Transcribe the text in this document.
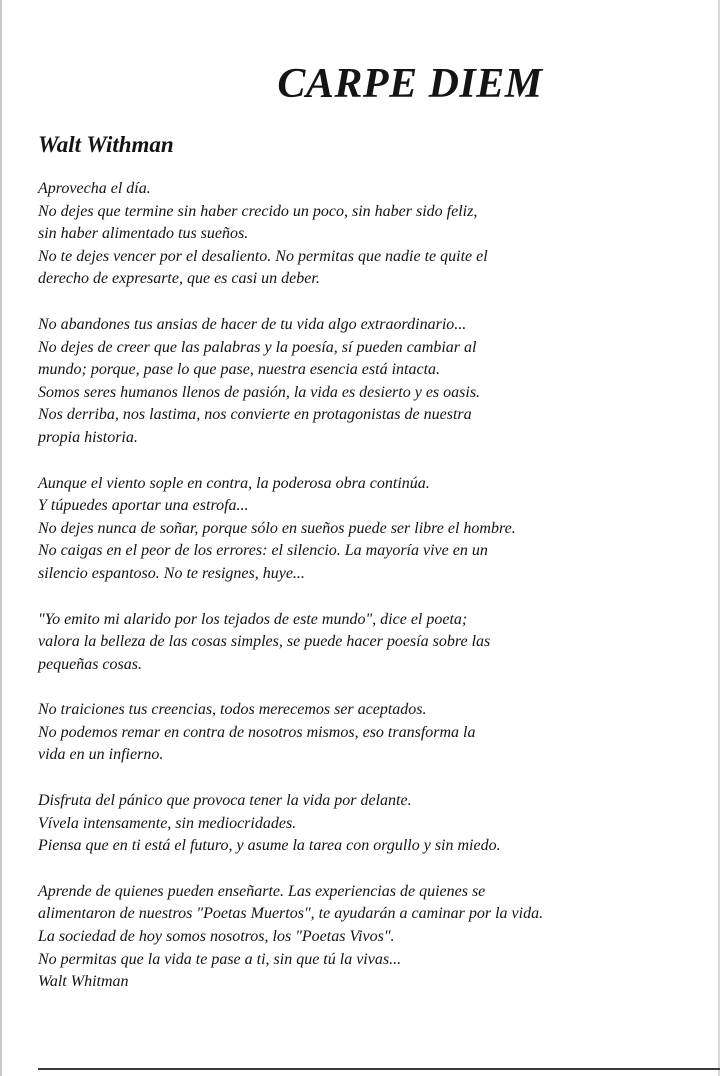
CARPE DIEM
Walt Withman
Aprovecha el día.
No dejes que termine sin haber crecido un poco, sin haber sido feliz,
sin haber alimentado tus sueños.
No te dejes vencer por el desaliento. No permitas que nadie te quite el
derecho de expresarte, que es casi un deber.
No abandones tus ansias de hacer de tu vida algo extraordinario...
No dejes de creer que las palabras y la poesía, sí pueden cambiar al
mundo; porque, pase lo que pase, nuestra esencia está intacta.
Somos seres humanos llenos de pasión, la vida es desierto y es oasis.
Nos derriba, nos lastima, nos convierte en protagonistas de nuestra
propia historia.
Aunque el viento sople en contra, la poderosa obra continúa.
Y túpuedes aportar una estrofa...
No dejes nunca de soñar, porque sólo en sueños puede ser libre el hombre.
No caigas en el peor de los errores: el silencio. La mayoría vive en un
silencio espantoso. No te resignes, huye...
"Yo emito mi alarido por los tejados de este mundo", dice el poeta;
valora la belleza de las cosas simples, se puede hacer poesía sobre las
pequeñas cosas.
No traiciones tus creencias, todos merecemos ser aceptados.
No podemos remar en contra de nosotros mismos, eso transforma la
vida en un infierno.
Disfruta del pánico que provoca tener la vida por delante.
Vívela intensamente, sin mediocridades.
Piensa que en ti está el futuro, y asume la tarea con orgullo y sin miedo.
Aprende de quienes pueden enseñarte. Las experiencias de quienes se
alimentaron de nuestros "Poetas Muertos", te ayudarán a caminar por la vida.
La sociedad de hoy somos nosotros, los "Poetas Vivos".
No permitas que la vida te pase a ti, sin que tú la vivas...
Walt Whitman
